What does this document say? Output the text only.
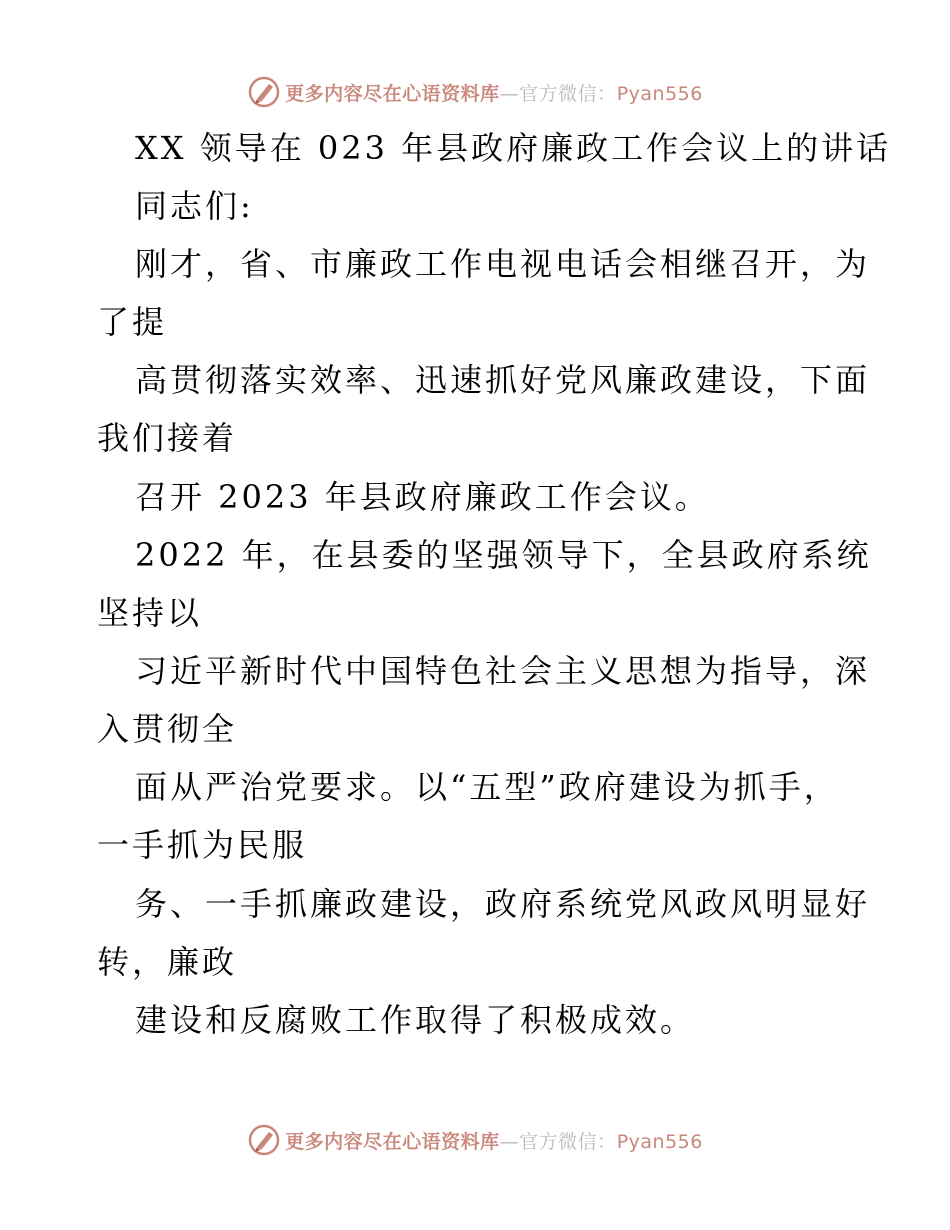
更多内容尽在心语资料库—官方微信：Pyan556
XX 领导在 023 年县政府廉政工作会议上的讲话
同志们:
刚才，省、市廉政工作电视电话会相继召开，为
了提
高贯彻落实效率、迅速抓好党风廉政建设，下面
我们接着
召开 2023 年县政府廉政工作会议。
2022 年，在县委的坚强领导下，全县政府系统
坚持以
习近平新时代中国特色社会主义思想为指导，深
入贯彻全
面从严治党要求。以“五型”政府建设为抓手，
一手抓为民服
务、一手抓廉政建设，政府系统党风政风明显好
转，廉政
建设和反腐败工作取得了积极成效。
更多内容尽在心语资料库—官方微信：Pyan556
